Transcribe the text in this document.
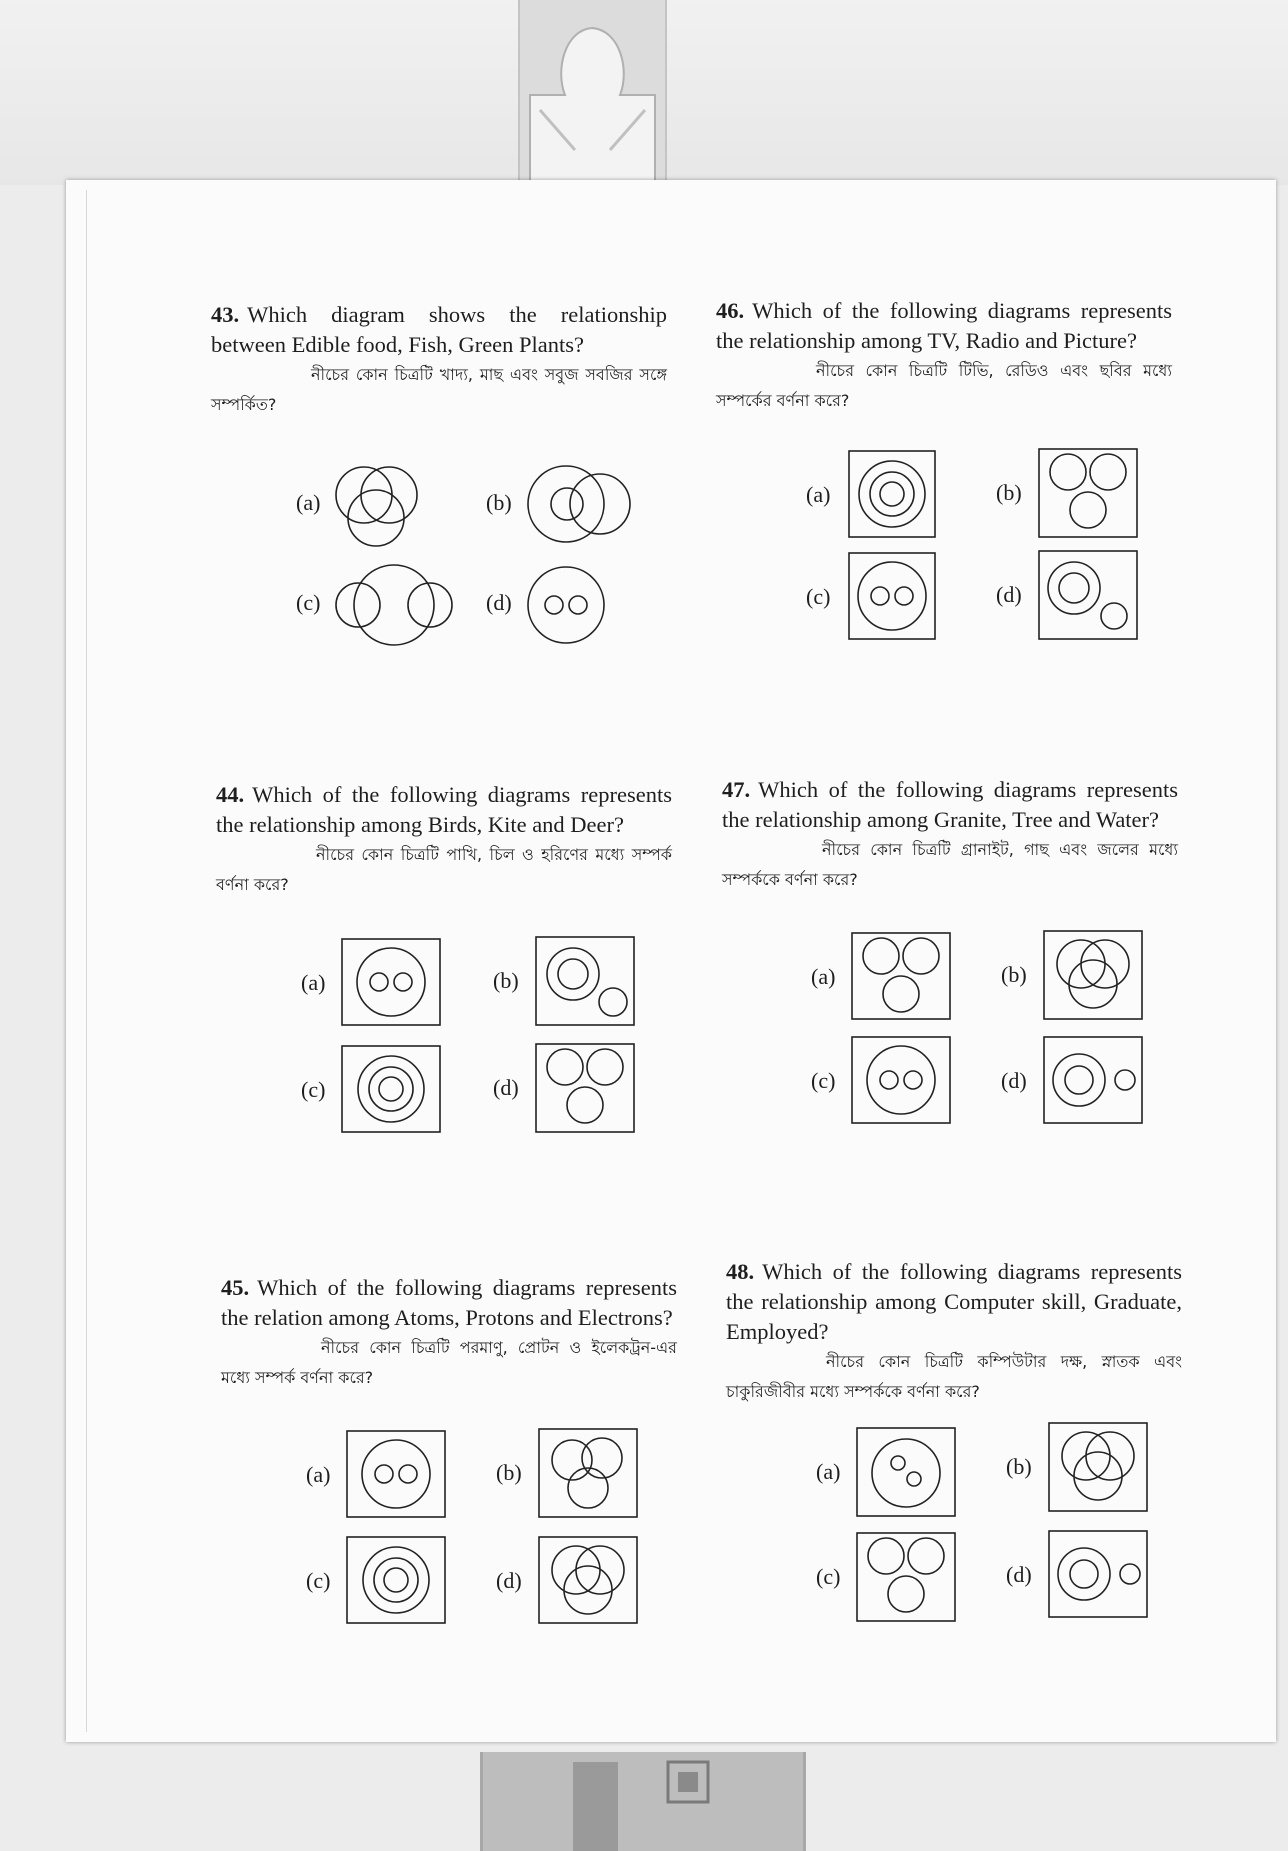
43. Which diagram shows the relationship between Edible food, Fish, Green Plants?

নীচের কোন চিত্রটি খাদ্য, মাছ এবং সবুজ সবজির সঙ্গে সম্পর্কিত?

(a)	(b)
(c)	(d)

46. Which of the following diagrams represents the relationship among TV, Radio and Picture?

নীচের কোন চিত্রটি টিভি, রেডিও এবং ছবির মধ্যে সম্পর্কের বর্ণনা করে?

(a)	(b)
(c)	(d)

44. Which of the following diagrams represents the relationship among Birds, Kite and Deer?

নীচের কোন চিত্রটি পাখি, চিল ও হরিণের মধ্যে সম্পর্ক বর্ণনা করে?

(a)	(b)
(c)	(d)

47. Which of the following diagrams represents the relationship among Granite, Tree and Water?

নীচের কোন চিত্রটি গ্রানাইট, গাছ এবং জলের মধ্যে সম্পর্ককে বর্ণনা করে?

(a)	(b)
(c)	(d)

45. Which of the following diagrams represents the relation among Atoms, Protons and Electrons?

নীচের কোন চিত্রটি পরমাণু, প্রোটন ও ইলেকট্রন-এর মধ্যে সম্পর্ক বর্ণনা করে?

(a)	(b)
(c)	(d)

48. Which of the following diagrams represents the relationship among Computer skill, Graduate, Employed?

নীচের কোন চিত্রটি কম্পিউটার দক্ষ, স্নাতক এবং চাকুরিজীবীর মধ্যে সম্পর্ককে বর্ণনা করে?

(a)	(b)
(c)	(d)
